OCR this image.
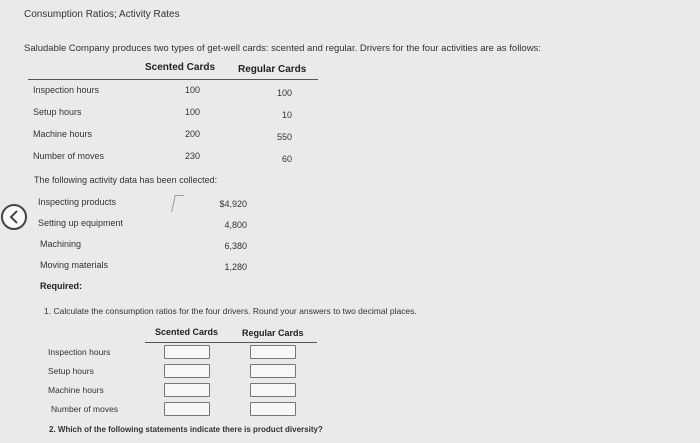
Consumption Ratios; Activity Rates
Saludable Company produces two types of get-well cards: scented and regular. Drivers for the four activities are as follows:
Scented Cards Regular Cards
Inspection hours	100	100
Setup hours	100	10
Machine hours	200	550
Number of moves	230	60
The following activity data has been collected:
Inspecting products	$4,920
Setting up equipment	4,800
Machining	6,380
Moving materials	1,280
Required:
1. Calculate the consumption ratios for the four drivers. Round your answers to two decimal places.
Scented Cards	Regular Cards
Inspection hours
Setup hours
Machine hours
Number of moves
2. Which of the following statements indicate there is product diversity?
